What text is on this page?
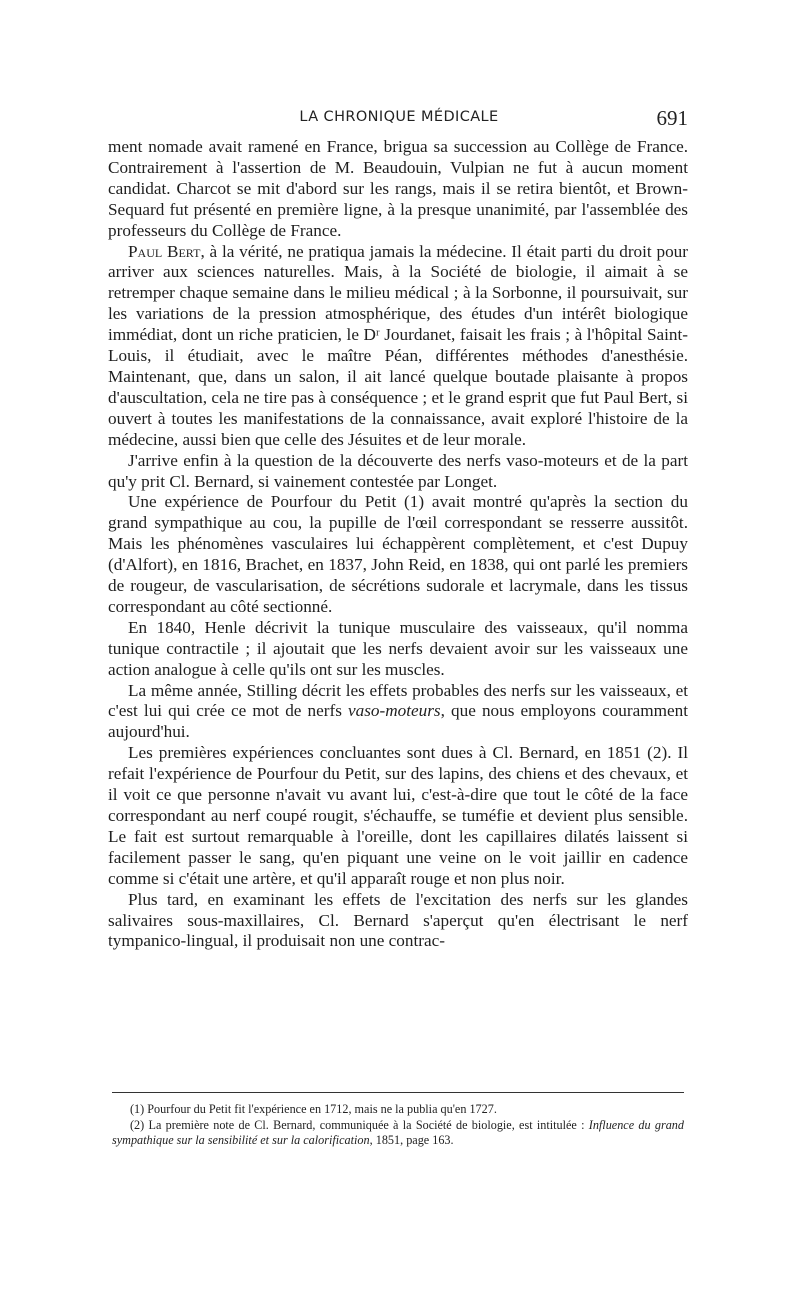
LA CHRONIQUE MÉDICALE	691

ment nomade avait ramené en France, brigua sa succession au Collège de France. Contrairement à l'assertion de M. Beaudouin, Vulpian ne fut à aucun moment candidat. Charcot se mit d'abord sur les rangs, mais il se retira bientôt, et Brown-Sequard fut présenté en première ligne, à la presque unanimité, par l'assemblée des professeurs du Collège de France.

Paul Bert, à la vérité, ne pratiqua jamais la médecine. Il était parti du droit pour arriver aux sciences naturelles. Mais, à la Société de biologie, il aimait à se retremper chaque semaine dans le milieu médical ; à la Sorbonne, il poursuivait, sur les variations de la pression atmosphérique, des études d'un intérêt biologique immédiat, dont un riche praticien, le Dʳ Jourdanet, faisait les frais ; à l'hôpital Saint-Louis, il étudiait, avec le maître Péan, différentes méthodes d'anesthésie. Maintenant, que, dans un salon, il ait lancé quelque boutade plaisante à propos d'auscultation, cela ne tire pas à conséquence ; et le grand esprit que fut Paul Bert, si ouvert à toutes les manifestations de la connaissance, avait exploré l'histoire de la médecine, aussi bien que celle des Jésuites et de leur morale.

J'arrive enfin à la question de la découverte des nerfs vaso-moteurs et de la part qu'y prit Cl. Bernard, si vainement contestée par Longet.

Une expérience de Pourfour du Petit (1) avait montré qu'après la section du grand sympathique au cou, la pupille de l'œil correspondant se resserre aussitôt. Mais les phénomènes vasculaires lui échappèrent complètement, et c'est Dupuy (d'Alfort), en 1816, Brachet, en 1837, John Reid, en 1838, qui ont parlé les premiers de rougeur, de vascularisation, de sécrétions sudorale et lacrymale, dans les tissus correspondant au côté sectionné.

En 1840, Henle décrivit la tunique musculaire des vaisseaux, qu'il nomma tunique contractile ; il ajoutait que les nerfs devaient avoir sur les vaisseaux une action analogue à celle qu'ils ont sur les muscles.

La même année, Stilling décrit les effets probables des nerfs sur les vaisseaux, et c'est lui qui crée ce mot de nerfs vaso-moteurs, que nous employons couramment aujourd'hui.

Les premières expériences concluantes sont dues à Cl. Bernard, en 1851 (2). Il refait l'expérience de Pourfour du Petit, sur des lapins, des chiens et des chevaux, et il voit ce que personne n'avait vu avant lui, c'est-à-dire que tout le côté de la face correspondant au nerf coupé rougit, s'échauffe, se tuméfie et devient plus sensible. Le fait est surtout remarquable à l'oreille, dont les capillaires dilatés laissent si facilement passer le sang, qu'en piquant une veine on le voit jaillir en cadence comme si c'était une artère, et qu'il apparaît rouge et non plus noir.

Plus tard, en examinant les effets de l'excitation des nerfs sur les glandes salivaires sous-maxillaires, Cl. Bernard s'aperçut qu'en électrisant le nerf tympanico-lingual, il produisait non une contrac-

(1) Pourfour du Petit fit l'expérience en 1712, mais ne la publia qu'en 1727.

(2) La première note de Cl. Bernard, communiquée à la Société de biologie, est intitulée : Influence du grand sympathique sur la sensibilité et sur la calorification, 1851, page 163.
